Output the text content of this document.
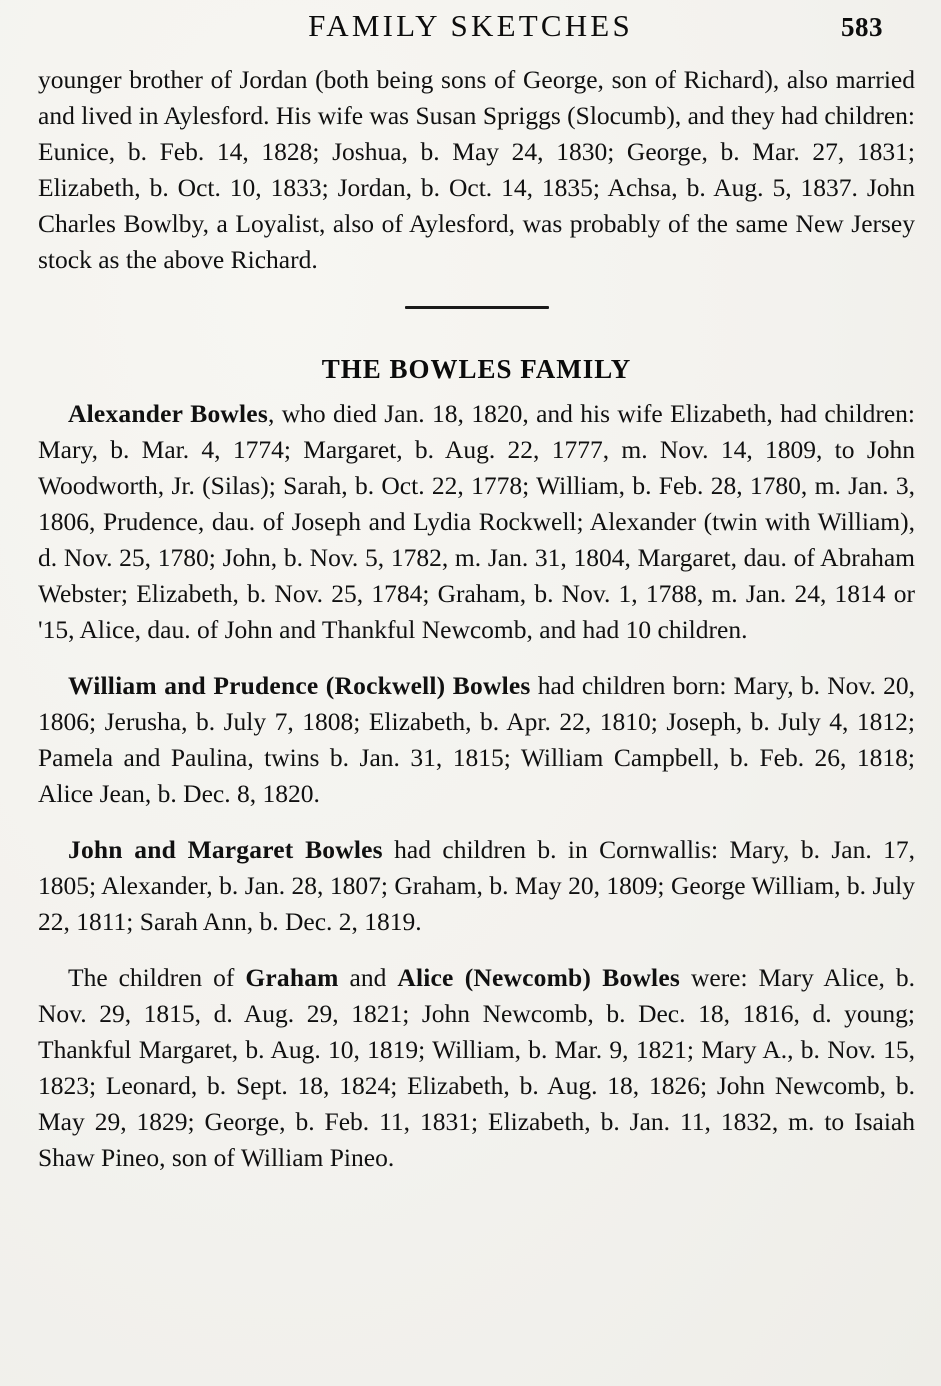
FAMILY SKETCHES	583

younger brother of Jordan (both being sons of George, son of Richard), also married and lived in Aylesford. His wife was Susan Spriggs (Slocumb), and they had children: Eunice, b. Feb. 14, 1828; Joshua, b. May 24, 1830; George, b. Mar. 27, 1831; Elizabeth, b. Oct. 10, 1833; Jordan, b. Oct. 14, 1835; Achsa, b. Aug. 5, 1837. John Charles Bowlby, a Loyalist, also of Aylesford, was probably of the same New Jersey stock as the above Richard.

THE BOWLES FAMILY

Alexander Bowles, who died Jan. 18, 1820, and his wife Elizabeth, had children: Mary, b. Mar. 4, 1774; Margaret, b. Aug. 22, 1777, m. Nov. 14, 1809, to John Woodworth, Jr. (Silas); Sarah, b. Oct. 22, 1778; William, b. Feb. 28, 1780, m. Jan. 3, 1806, Prudence, dau. of Joseph and Lydia Rockwell; Alexander (twin with William), d. Nov. 25, 1780; John, b. Nov. 5, 1782, m. Jan. 31, 1804, Margaret, dau. of Abraham Webster; Elizabeth, b. Nov. 25, 1784; Graham, b. Nov. 1, 1788, m. Jan. 24, 1814 or '15, Alice, dau. of John and Thankful Newcomb, and had 10 children.

William and Prudence (Rockwell) Bowles had children born: Mary, b. Nov. 20, 1806; Jerusha, b. July 7, 1808; Elizabeth, b. Apr. 22, 1810; Joseph, b. July 4, 1812; Pamela and Paulina, twins b. Jan. 31, 1815; William Campbell, b. Feb. 26, 1818; Alice Jean, b. Dec. 8, 1820.

John and Margaret Bowles had children b. in Cornwallis: Mary, b. Jan. 17, 1805; Alexander, b. Jan. 28, 1807; Graham, b. May 20, 1809; George William, b. July 22, 1811; Sarah Ann, b. Dec. 2, 1819.

The children of Graham and Alice (Newcomb) Bowles were: Mary Alice, b. Nov. 29, 1815, d. Aug. 29, 1821; John Newcomb, b. Dec. 18, 1816, d. young; Thankful Margaret, b. Aug. 10, 1819; William, b. Mar. 9, 1821; Mary A., b. Nov. 15, 1823; Leonard, b. Sept. 18, 1824; Elizabeth, b. Aug. 18, 1826; John Newcomb, b. May 29, 1829; George, b. Feb. 11, 1831; Elizabeth, b. Jan. 11, 1832, m. to Isaiah Shaw Pineo, son of William Pineo.
